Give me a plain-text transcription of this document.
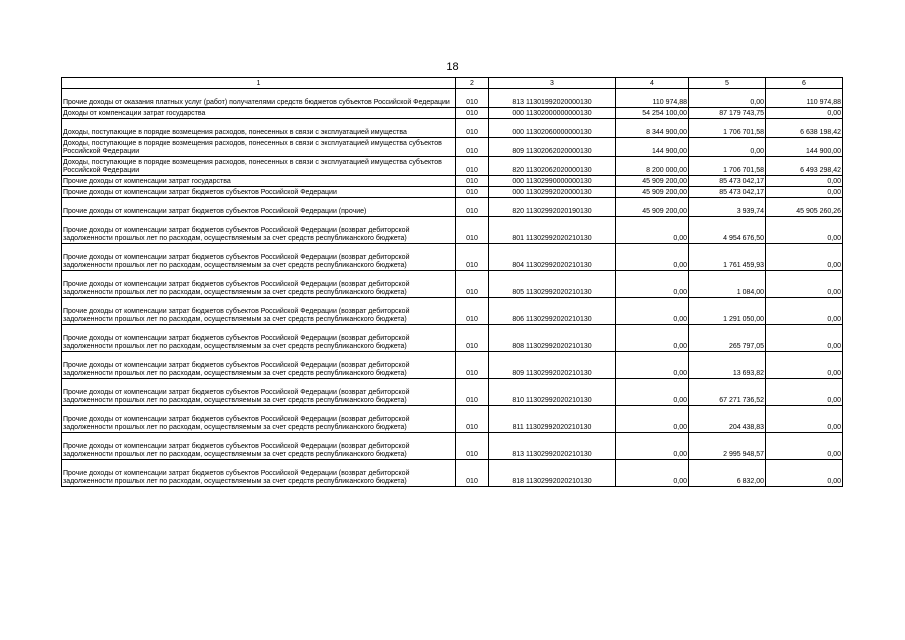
18
1	2	3	4	5	6
Прочие доходы от оказания платных услуг (работ) получателями средств бюджетов субъектов Российской Федерации	010	813 11301992020000130	110 974,88	0,00	110 974,88
Доходы от компенсации затрат государства	010	000 11302000000000130	54 254 100,00	87 179 743,75	0,00
Доходы, поступающие в порядке возмещения расходов, понесенных в связи с эксплуатацией имущества	010	000 11302060000000130	8 344 900,00	1 706 701,58	6 638 198,42
Доходы, поступающие в порядке возмещения расходов, понесенных в связи с эксплуатацией имущества субъектов Российской Федерации	010	809 11302062020000130	144 900,00	0,00	144 900,00
Доходы, поступающие в порядке возмещения расходов, понесенных в связи с эксплуатацией имущества субъектов Российской Федерации	010	820 11302062020000130	8 200 000,00	1 706 701,58	6 493 298,42
Прочие доходы от компенсации затрат государства	010	000 11302990000000130	45 909 200,00	85 473 042,17	0,00
Прочие доходы от компенсации затрат бюджетов субъектов Российской Федерации	010	000 11302992020000130	45 909 200,00	85 473 042,17	0,00
Прочие доходы от компенсации затрат бюджетов субъектов Российской Федерации (прочие)	010	820 11302992020190130	45 909 200,00	3 939,74	45 905 260,26
Прочие доходы от компенсации затрат бюджетов субъектов Российской Федерации (возврат дебиторской задолженности прошлых лет по расходам, осуществляемым за счет средств республиканского бюджета)	010	801 11302992020210130	0,00	4 954 676,50	0,00
Прочие доходы от компенсации затрат бюджетов субъектов Российской Федерации (возврат дебиторской задолженности прошлых лет по расходам, осуществляемым за счет средств республиканского бюджета)	010	804 11302992020210130	0,00	1 761 459,93	0,00
Прочие доходы от компенсации затрат бюджетов субъектов Российской Федерации (возврат дебиторской задолженности прошлых лет по расходам, осуществляемым за счет средств республиканского бюджета)	010	805 11302992020210130	0,00	1 084,00	0,00
Прочие доходы от компенсации затрат бюджетов субъектов Российской Федерации (возврат дебиторской задолженности прошлых лет по расходам, осуществляемым за счет средств республиканского бюджета)	010	806 11302992020210130	0,00	1 291 050,00	0,00
Прочие доходы от компенсации затрат бюджетов субъектов Российской Федерации (возврат дебиторской задолженности прошлых лет по расходам, осуществляемым за счет средств республиканского бюджета)	010	808 11302992020210130	0,00	265 797,05	0,00
Прочие доходы от компенсации затрат бюджетов субъектов Российской Федерации (возврат дебиторской задолженности прошлых лет по расходам, осуществляемым за счет средств республиканского бюджета)	010	809 11302992020210130	0,00	13 693,82	0,00
Прочие доходы от компенсации затрат бюджетов субъектов Российской Федерации (возврат дебиторской задолженности прошлых лет по расходам, осуществляемым за счет средств республиканского бюджета)	010	810 11302992020210130	0,00	67 271 736,52	0,00
Прочие доходы от компенсации затрат бюджетов субъектов Российской Федерации (возврат дебиторской задолженности прошлых лет по расходам, осуществляемым за счет средств республиканского бюджета)	010	811 11302992020210130	0,00	204 438,83	0,00
Прочие доходы от компенсации затрат бюджетов субъектов Российской Федерации (возврат дебиторской задолженности прошлых лет по расходам, осуществляемым за счет средств республиканского бюджета)	010	813 11302992020210130	0,00	2 995 948,57	0,00
Прочие доходы от компенсации затрат бюджетов субъектов Российской Федерации (возврат дебиторской задолженности прошлых лет по расходам, осуществляемым за счет средств республиканского бюджета)	010	818 11302992020210130	0,00	6 832,00	0,00
